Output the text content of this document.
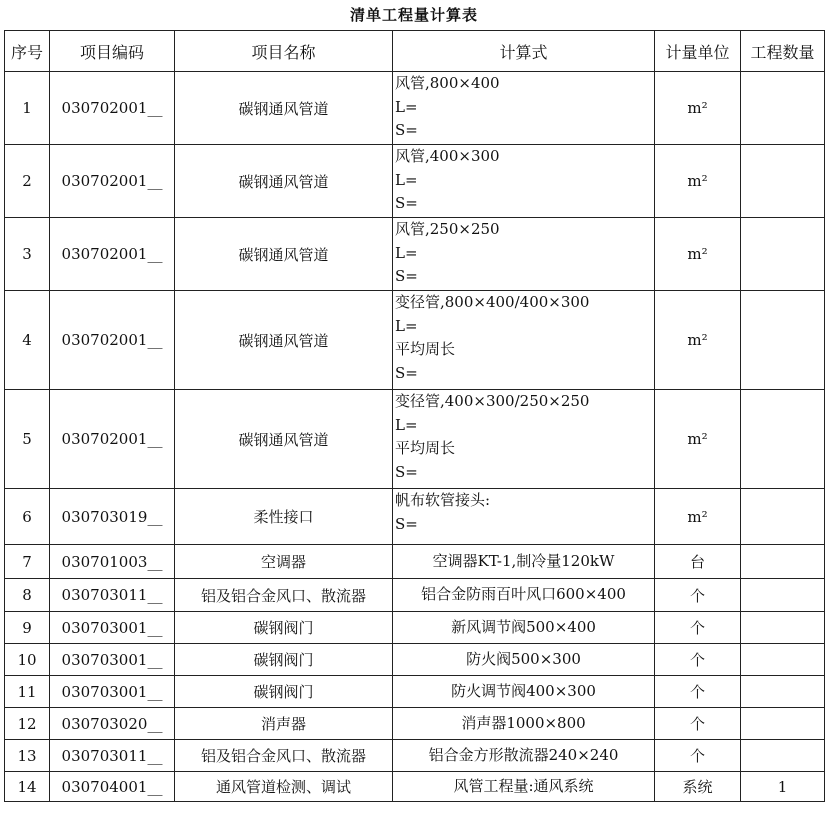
清单工程量计算表
序号	项目编码	项目名称	计算式	计量单位	工程数量
1	030702001__	碳钢通风管道	风管,800×400
L=
S=	m²	
2	030702001__	碳钢通风管道	风管,400×300
L=
S=	m²	
3	030702001__	碳钢通风管道	风管,250×250
L=
S=	m²	
4	030702001__	碳钢通风管道	变径管,800×400/400×300
L=
平均周长
S=	m²	
5	030702001__	碳钢通风管道	变径管,400×300/250×250
L=
平均周长
S=	m²	
6	030703019__	柔性接口	帆布软管接头:
S=	m²	
7	030701003__	空调器	空调器KT-1,制冷量120kW	台	
8	030703011__	铝及铝合金风口、散流器	铝合金防雨百叶风口600×400	个	
9	030703001__	碳钢阀门	新风调节阀500×400	个	
10	030703001__	碳钢阀门	防火阀500×300	个	
11	030703001__	碳钢阀门	防火调节阀400×300	个	
12	030703020__	消声器	消声器1000×800	个	
13	030703011__	铝及铝合金风口、散流器	铝合金方形散流器240×240	个	
14	030704001__	通风管道检测、调试	风管工程量:通风系统	系统	1
